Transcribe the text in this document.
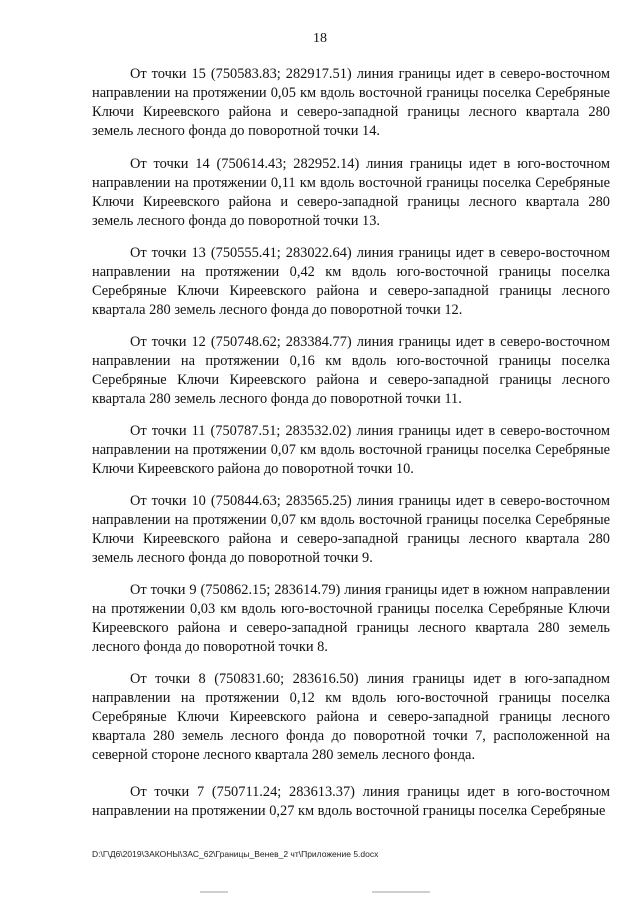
18
От точки 15 (750583.83; 282917.51) линия границы идет в северо-восточном направлении на протяжении 0,05 км вдоль восточной границы поселка Серебряные Ключи Киреевского района и северо-западной границы лесного квартала 280 земель лесного фонда до поворотной точки 14.
От точки 14 (750614.43; 282952.14) линия границы идет в юго-восточном направлении на протяжении 0,11 км вдоль восточной границы поселка Серебряные Ключи Киреевского района и северо-западной границы лесного квартала 280 земель лесного фонда до поворотной точки 13.
От точки 13 (750555.41; 283022.64) линия границы идет в северо-восточном направлении на протяжении 0,42 км вдоль юго-восточной границы поселка Серебряные Ключи Киреевского района и северо-западной границы лесного квартала 280 земель лесного фонда до поворотной точки 12.
От точки 12 (750748.62; 283384.77) линия границы идет в северо-восточном направлении на протяжении 0,16 км вдоль юго-восточной границы поселка Серебряные Ключи Киреевского района и северо-западной границы лесного квартала 280 земель лесного фонда до поворотной точки 11.
От точки 11 (750787.51; 283532.02) линия границы идет в северо-восточном направлении на протяжении 0,07 км вдоль восточной границы поселка Серебряные Ключи Киреевского района до поворотной точки 10.
От точки 10 (750844.63; 283565.25) линия границы идет в северо-восточном направлении на протяжении 0,07 км вдоль восточной границы поселка Серебряные Ключи Киреевского района и северо-западной границы лесного квартала 280 земель лесного фонда до поворотной точки 9.
От точки 9 (750862.15; 283614.79) линия границы идет в южном направлении на протяжении 0,03 км вдоль юго-восточной границы поселка Серебряные Ключи Киреевского района и северо-западной границы лесного квартала 280 земель лесного фонда до поворотной точки 8.
От точки 8 (750831.60; 283616.50) линия границы идет в юго-западном направлении на протяжении 0,12 км вдоль юго-восточной границы поселка Серебряные Ключи Киреевского района и северо-западной границы лесного квартала 280 земель лесного фонда до поворотной точки 7, расположенной на северной стороне лесного квартала 280 земель лесного фонда.
От точки 7 (750711.24; 283613.37) линия границы идет в юго-восточном направлении на протяжении 0,27 км вдоль восточной границы поселка Серебряные
D:\Г\Д6\2019\ЗАКОНЫ\ЗАС_62\Границы_Венев_2 чт\Приложение 5.docx
